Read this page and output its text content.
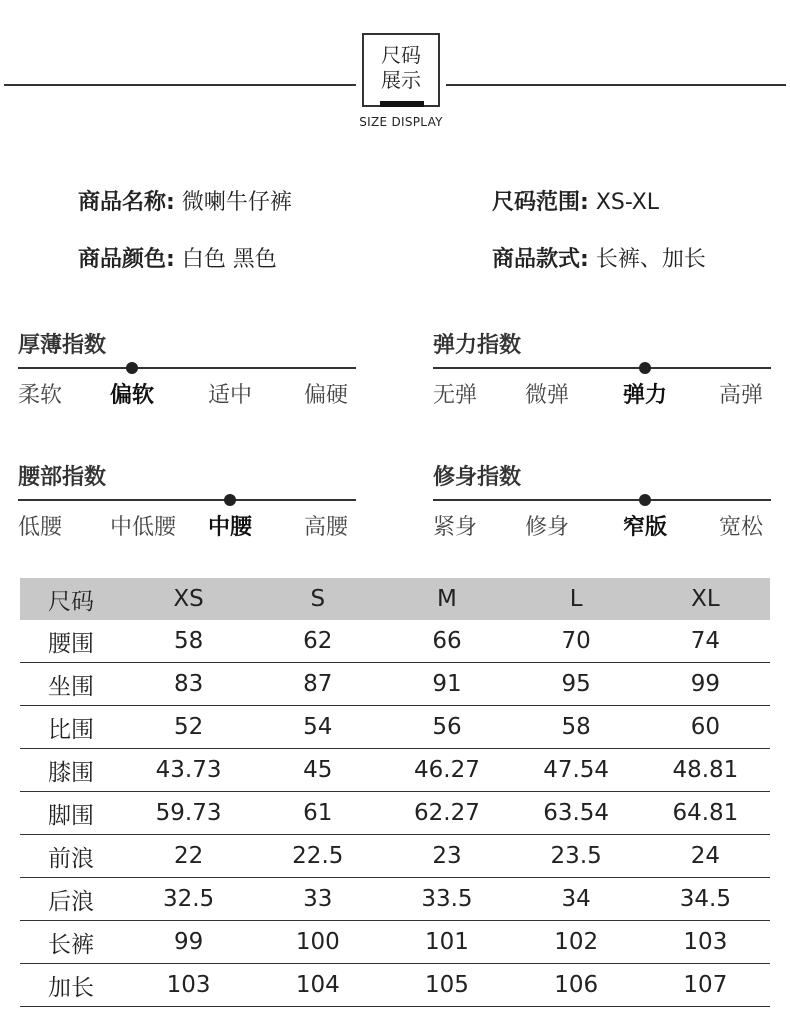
尺码
展示
SIZE DISPLAY
商品名称: 微喇牛仔裤	尺码范围: XS-XL
商品颜色: 白色 黑色	商品款式: 长裤、加长
厚薄指数
柔软 偏软 适中 偏硬
弹力指数
无弹 微弹 弹力 高弹
腰部指数
低腰 中低腰 中腰 高腰
修身指数
紧身 修身 窄版 宽松
尺码	XS	S	M	L	XL
腰围	58	62	66	70	74
坐围	83	87	91	95	99
比围	52	54	56	58	60
膝围	43.73	45	46.27	47.54	48.81
脚围	59.73	61	62.27	63.54	64.81
前浪	22	22.5	23	23.5	24
后浪	32.5	33	33.5	34	34.5
长裤	99	100	101	102	103
加长	103	104	105	106	107
